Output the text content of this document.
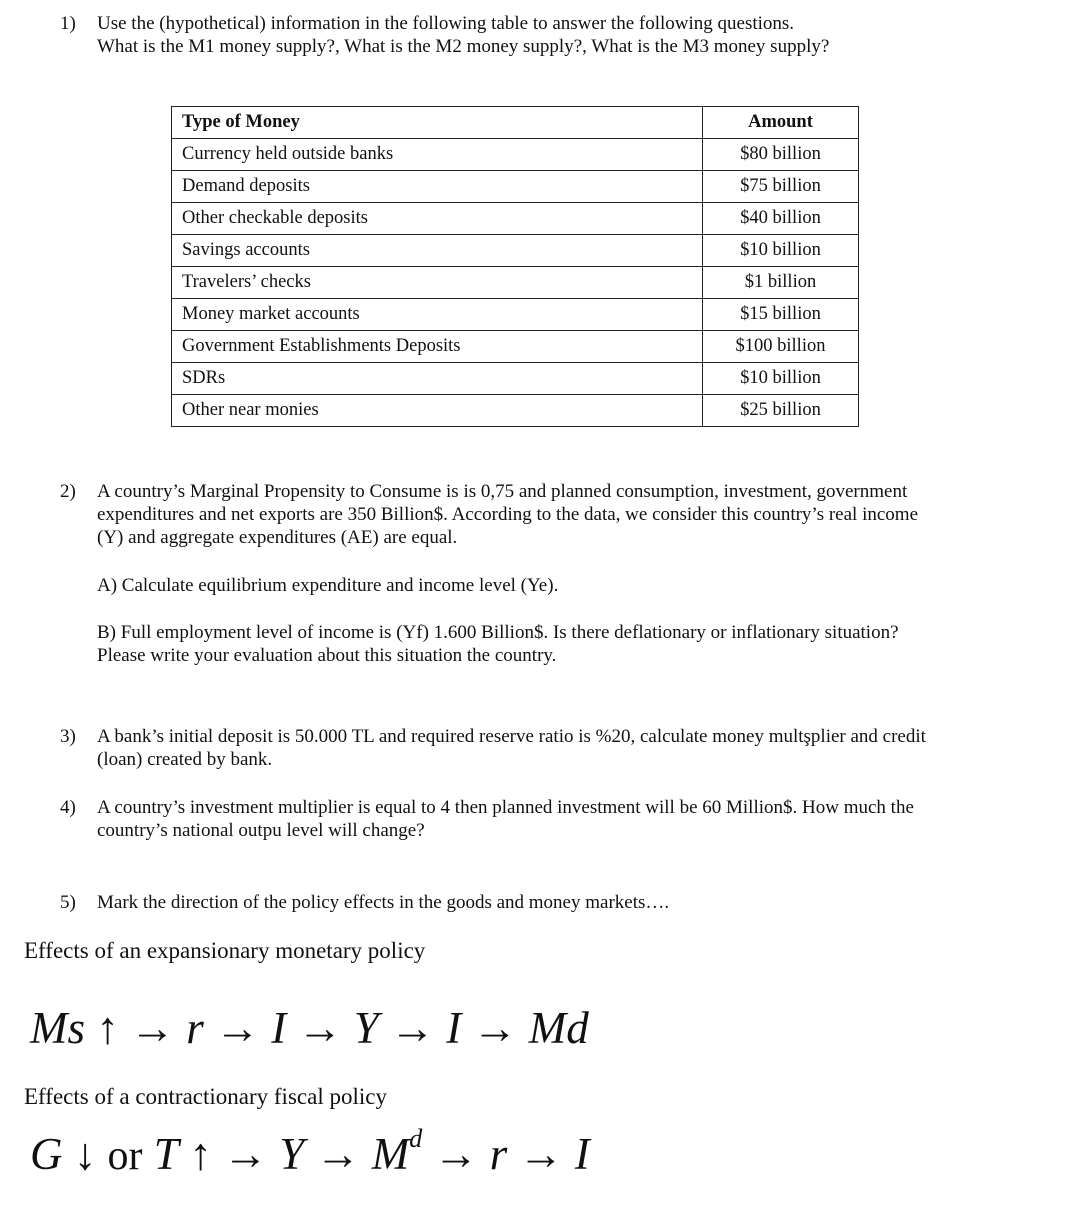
1) Use the (hypothetical) information in the following table to answer the following questions.
What is the M1 money supply?, What is the M2 money supply?, What is the M3 money supply?
Type of Money	Amount
Currency held outside banks	$80 billion
Demand deposits	$75 billion
Other checkable deposits	$40 billion
Savings accounts	$10 billion
Travelers’ checks	$1 billion
Money market accounts	$15 billion
Government Establishments Deposits	$100 billion
SDRs	$10 billion
Other near monies	$25 billion
2) A country’s Marginal Propensity to Consume is is 0,75 and planned consumption, investment, government
expenditures and net exports are 350 Billion$. According to the data, we consider this country’s real income
(Y) and aggregate expenditures (AE) are equal.
A) Calculate equilibrium expenditure and income level (Ye).
B) Full employment level of income is (Yf) 1.600 Billion$. Is there deflationary or inflationary situation?
Please write your evaluation about this situation the country.
3) A bank’s initial deposit is 50.000 TL and required reserve ratio is %20, calculate money multşplier and credit
(loan) created by bank.
4) A country’s investment multiplier is equal to 4 then planned investment will be 60 Million$. How much the
country’s national outpu level will change?
5) Mark the direction of the policy effects in the goods and money markets….
Effects of an expansionary monetary policy
Ms ↑ → r → I → Y → I → Md
Effects of a contractionary fiscal policy
G ↓ or T ↑ → $Y \to M^d \to r \to I$
